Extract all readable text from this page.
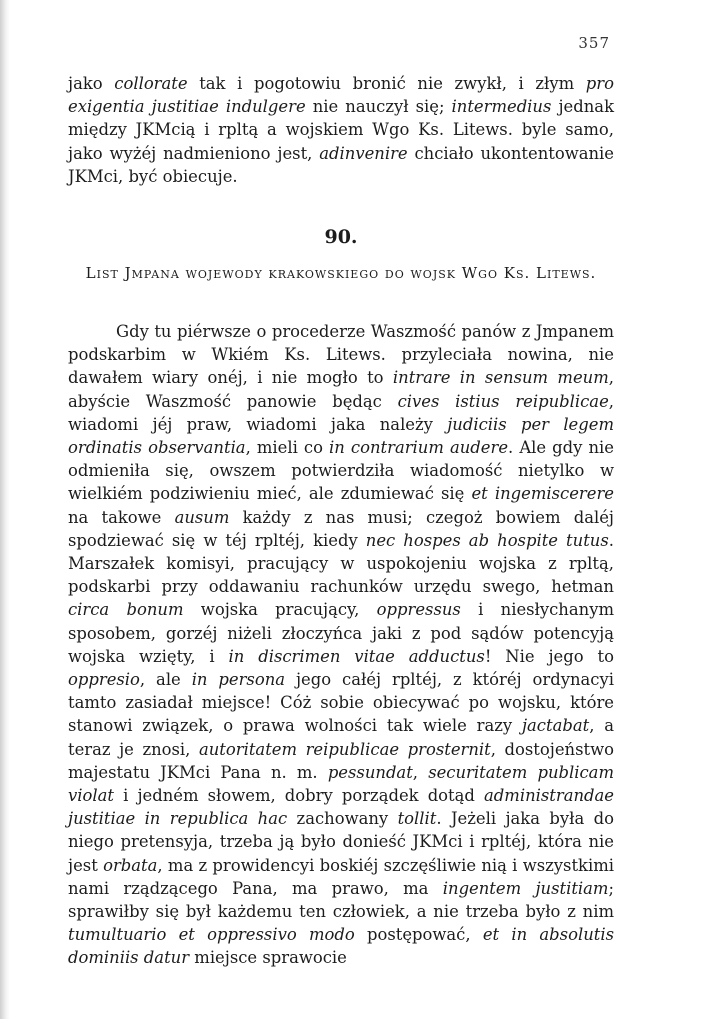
357

jako collorate tak i pogotowiu bronić nie zwykł, i złym pro exigentia justitiae indulgere nie nauczył się; intermedius jednak między JKMcią i rpltą a wojskiem Wgo Ks. Litews. byle samo, jako wyżéj nadmieniono jest, adinvenire chciało ukontentowanie JKMci, być obiecuje.

90.
List Jmpana wojewody krakowskiego do wojsk Wgo Ks. Litews.

Gdy tu piérwsze o procederze Waszmość panów z Jmpanem podskarbim w Wkiém Ks. Litews. przyleciała nowina, nie dawałem wiary onéj, i nie mogło to intrare in sensum meum, abyście Waszmość panowie będąc cives istius reipublicae, wiadomi jéj praw, wiadomi jaka należy judiciis per legem ordinatis observantia, mieli co in contrarium audere. Ale gdy nie odmieniła się, owszem potwierdziła wiadomość nietylko w wielkiém podziwieniu mieć, ale zdumiewać się et ingemiscerere na takowe ausum każdy z nas musi; czegoż bowiem daléj spodziewać się w téj rpltéj, kiedy nec hospes ab hospite tutus. Marszałek komisyi, pracujący w uspokojeniu wojska z rpltą, podskarbi przy oddawaniu rachunków urzędu swego, hetman circa bonum wojska pracujący, oppressus i niesłychanym sposobem, gorzéj niżeli złoczyńca jaki z pod sądów potencyją wojska wzięty, i in discrimen vitae adductus! Nie jego to oppresio, ale in persona jego całéj rpltéj, z któréj ordynacyi tamto zasiadał miejsce! Cóż sobie obiecywać po wojsku, które stanowi związek, o prawa wolności tak wiele razy jactabat, a teraz je znosi, autoritatem reipublicae prosternit, dostojeństwo majestatu JKMci Pana n. m. pessundat, securitatem publicam violat i jedném słowem, dobry porządek dotąd administrandae justitiae in republica hac zachowany tollit. Jeżeli jaka była do niego pretensyja, trzeba ją było donieść JKMci i rpltéj, która nie jest orbata, ma z prowidencyi boskiéj szczęśliwie nią i wszystkimi nami rządzącego Pana, ma prawo, ma ingentem justitiam; sprawiłby się był każdemu ten człowiek, a nie trzeba było z nim tumultuario et oppressivo modo postępować, et in absolutis dominiis datur miejsce sprawocie
